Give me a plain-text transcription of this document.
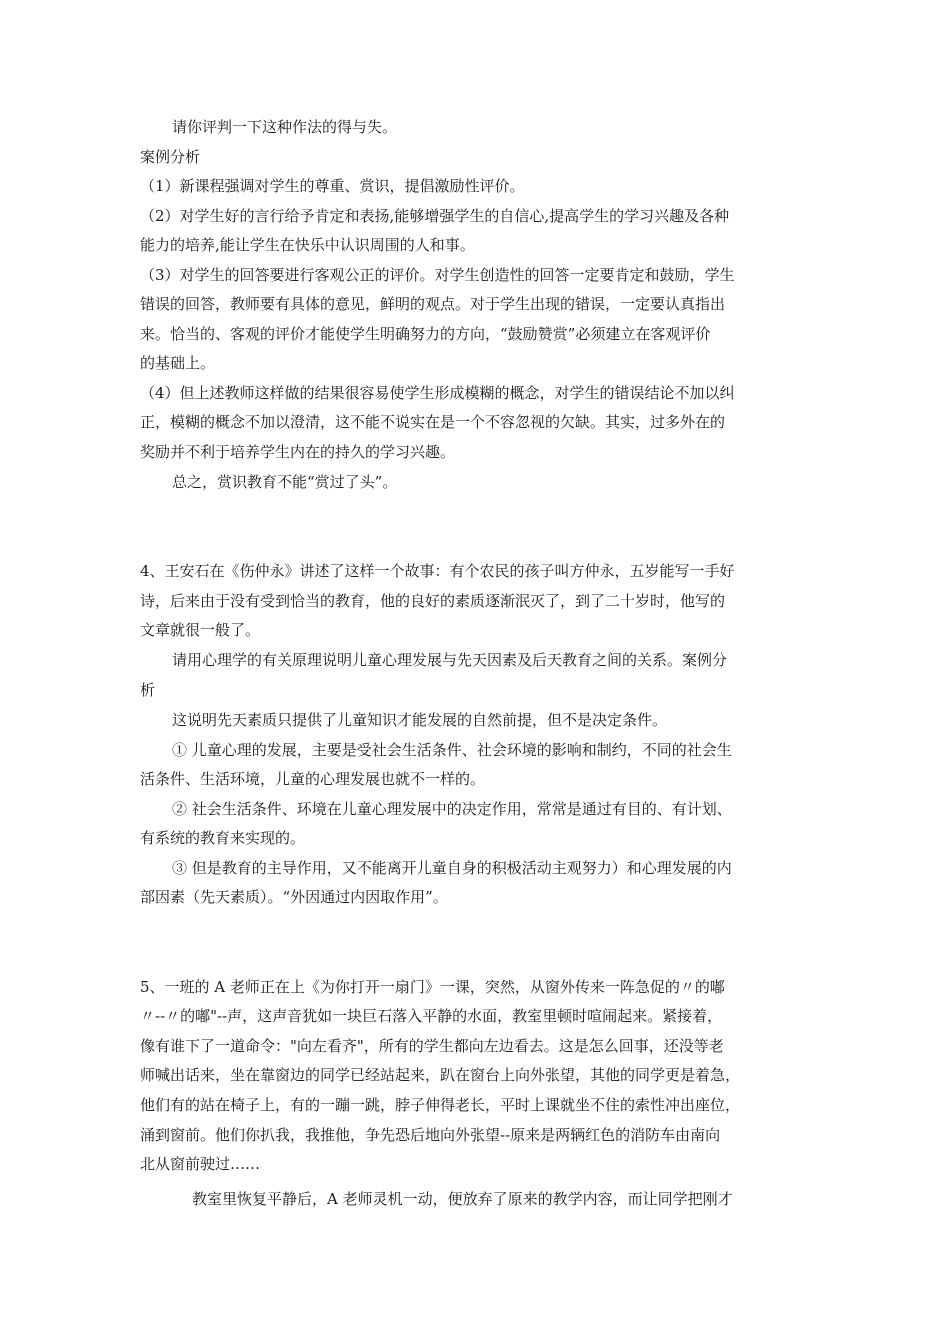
请你评判一下这种作法的得与失。
案例分析
（1）新课程强调对学生的尊重、赏识，提倡激励性评价。
（2）对学生好的言行给予肯定和表扬,能够增强学生的自信心,提高学生的学习兴趣及各种
能力的培养,能让学生在快乐中认识周围的人和事。
（3）对学生的回答要进行客观公正的评价。对学生创造性的回答一定要肯定和鼓励，学生
错误的回答，教师要有具体的意见，鲜明的观点。对于学生出现的错误，一定要认真指出
来。恰当的、客观的评价才能使学生明确努力的方向，“鼓励赞赏”必须建立在客观评价
的基础上。
（4）但上述教师这样做的结果很容易使学生形成模糊的概念，对学生的错误结论不加以纠
正，模糊的概念不加以澄清，这不能不说实在是一个不容忽视的欠缺。其实，过多外在的
奖励并不利于培养学生内在的持久的学习兴趣。
总之，赏识教育不能“赏过了头”。
4、王安石在《伤仲永》讲述了这样一个故事：有个农民的孩子叫方仲永，五岁能写一手好
诗，后来由于没有受到恰当的教育，他的良好的素质逐渐泯灭了，到了二十岁时，他写的
文章就很一般了。
请用心理学的有关原理说明儿童心理发展与先天因素及后天教育之间的关系。案例分
析
这说明先天素质只提供了儿童知识才能发展的自然前提，但不是决定条件。
① 儿童心理的发展，主要是受社会生活条件、社会环境的影响和制约，不同的社会生
活条件、生活环境，儿童的心理发展也就不一样的。
② 社会生活条件、环境在儿童心理发展中的决定作用，常常是通过有目的、有计划、
有系统的教育来实现的。
③ 但是教育的主导作用，又不能离开儿童自身的积极活动主观努力）和心理发展的内
部因素（先天素质）。“外因通过内因取作用”。
5、一班的 A 老师正在上《为你打开一扇门》一课，突然，从窗外传来一阵急促的〃的嘟
〃--〃的嘟"--声，这声音犹如一块巨石落入平静的水面，教室里顿时喧闹起来。紧接着，
像有谁下了一道命令："向左看齐"，所有的学生都向左边看去。这是怎么回事，还没等老
师喊出话来，坐在靠窗边的同学已经站起来，趴在窗台上向外张望，其他的同学更是着急，
他们有的站在椅子上，有的一蹦一跳，脖子伸得老长，平时上课就坐不住的索性冲出座位，
涌到窗前。他们你扒我，我推他，争先恐后地向外张望--原来是两辆红色的消防车由南向
北从窗前驶过……
教室里恢复平静后，A 老师灵机一动，便放弃了原来的教学内容，而让同学把刚才
